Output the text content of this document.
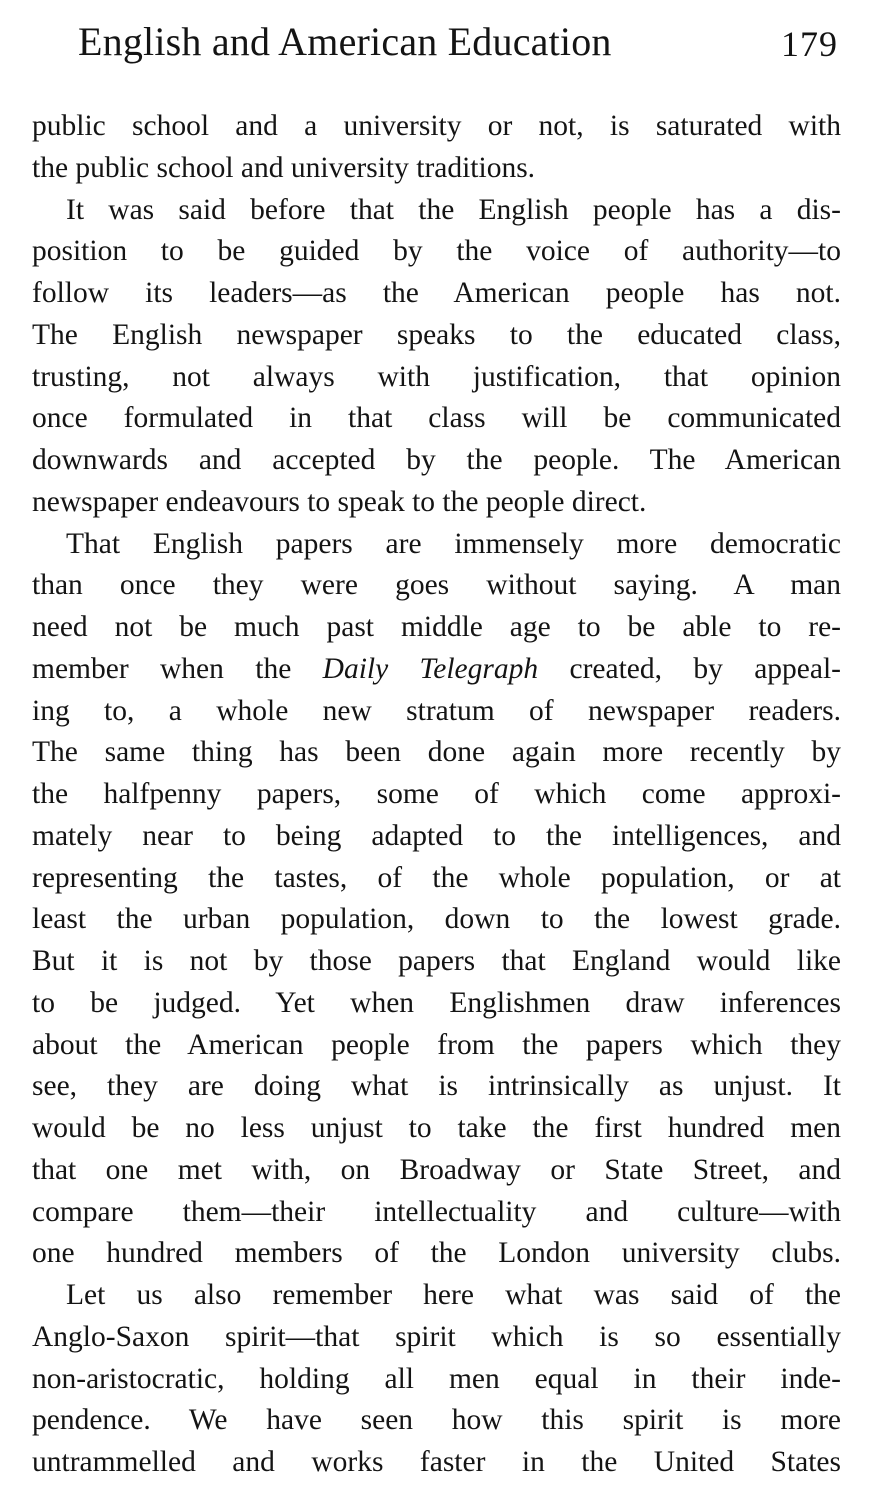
English and American Education	179
public school and a university or not, is saturated with
the public school and university traditions.
It was said before that the English people has a dis-
position to be guided by the voice of authority—to
follow its leaders—as the American people has not.
The English newspaper speaks to the educated class,
trusting, not always with justification, that opinion
once formulated in that class will be communicated
downwards and accepted by the people. The American
newspaper endeavours to speak to the people direct.
That English papers are immensely more democratic
than once they were goes without saying. A man
need not be much past middle age to be able to re-
member when the Daily Telegraph created, by appeal-
ing to, a whole new stratum of newspaper readers.
The same thing has been done again more recently by
the halfpenny papers, some of which come approxi-
mately near to being adapted to the intelligences, and
representing the tastes, of the whole population, or at
least the urban population, down to the lowest grade.
But it is not by those papers that England would like
to be judged. Yet when Englishmen draw inferences
about the American people from the papers which they
see, they are doing what is intrinsically as unjust. It
would be no less unjust to take the first hundred men
that one met with, on Broadway or State Street, and
compare them—their intellectuality and culture—with
one hundred members of the London university clubs.
Let us also remember here what was said of the
Anglo-Saxon spirit—that spirit which is so essentially
non-aristocratic, holding all men equal in their inde-
pendence. We have seen how this spirit is more
untrammelled and works faster in the United States
